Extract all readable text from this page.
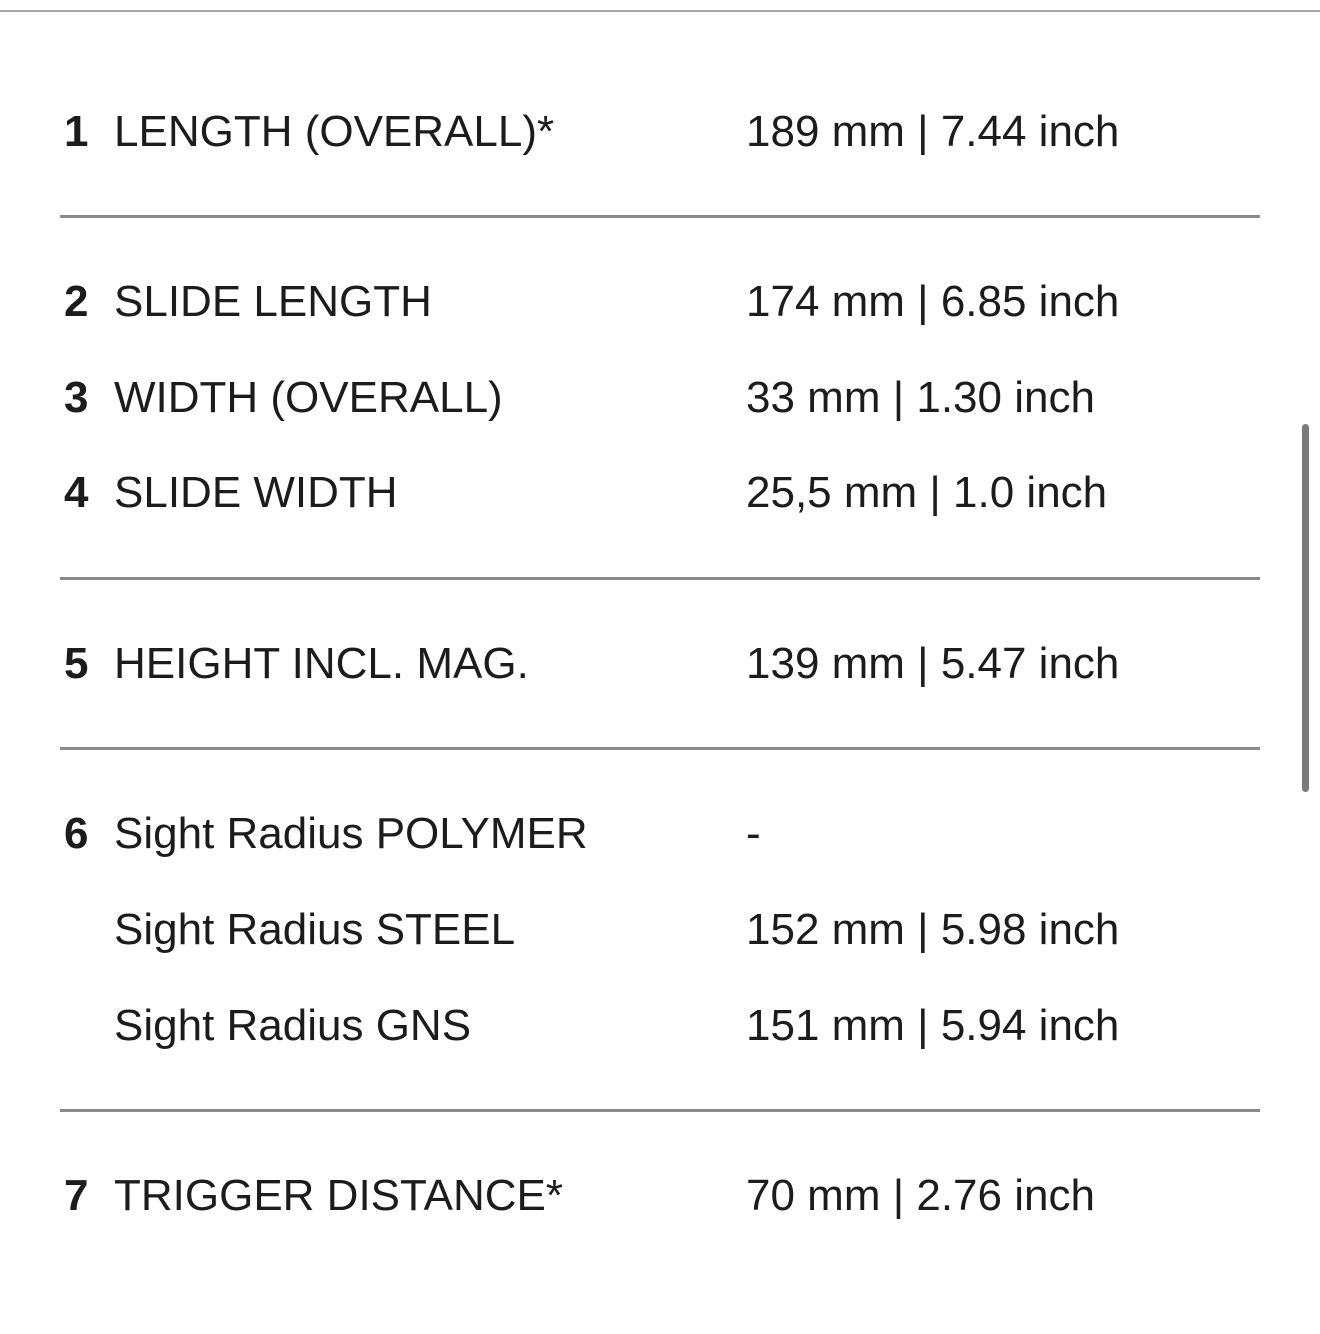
1 LENGTH (OVERALL)*	189 mm | 7.44 inch
2 SLIDE LENGTH	174 mm | 6.85 inch
3 WIDTH (OVERALL)	33 mm | 1.30 inch
4 SLIDE WIDTH	25,5 mm | 1.0 inch
5 HEIGHT INCL. MAG.	139 mm | 5.47 inch
6 Sight Radius POLYMER	-
Sight Radius STEEL	152 mm | 5.98 inch
Sight Radius GNS	151 mm | 5.94 inch
7 TRIGGER DISTANCE*	70 mm | 2.76 inch
